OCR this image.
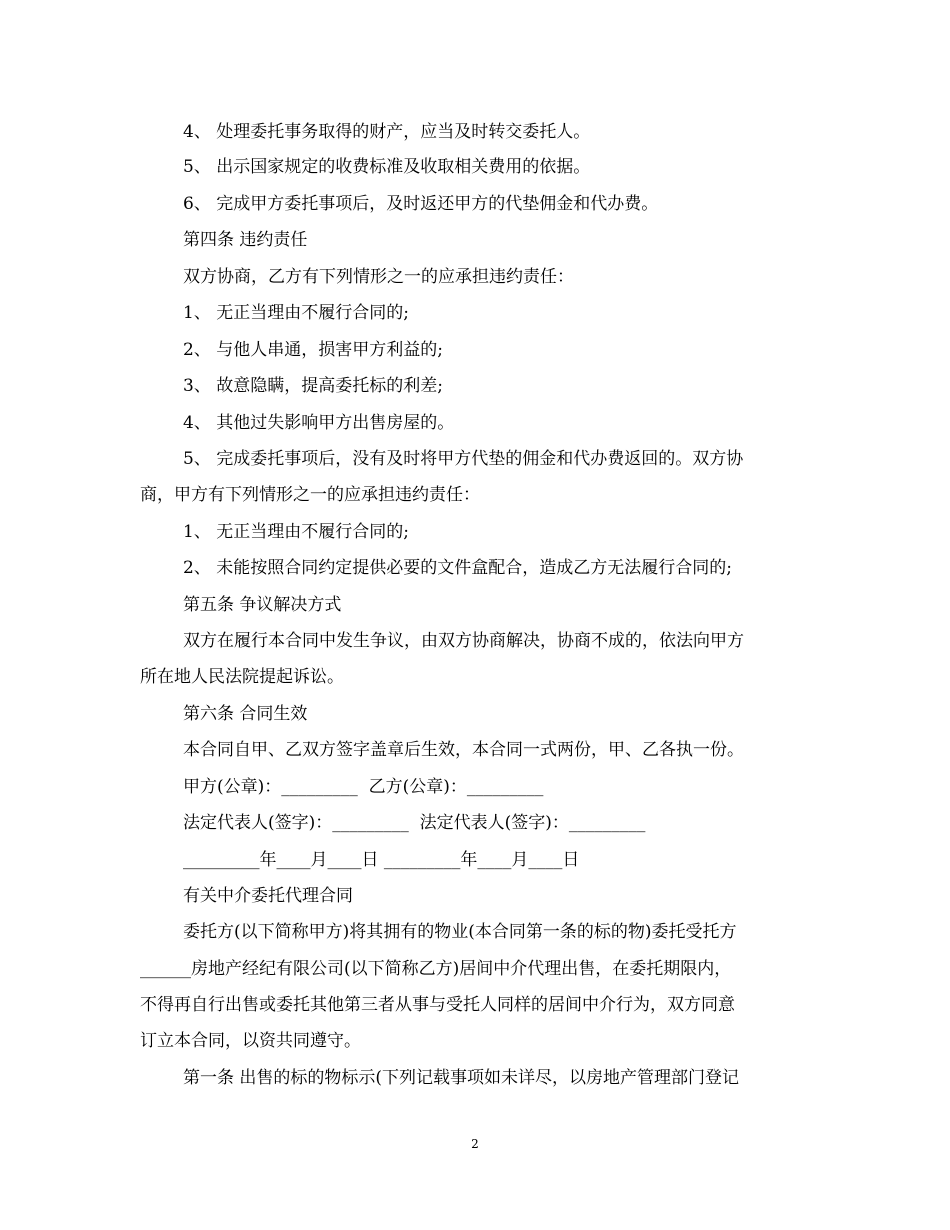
4、 处理委托事务取得的财产，应当及时转交委托人。
5、 出示国家规定的收费标准及收取相关费用的依据。
6、 完成甲方委托事项后，及时返还甲方的代垫佣金和代办费。
第四条 违约责任
双方协商，乙方有下列情形之一的应承担违约责任：
1、 无正当理由不履行合同的;
2、 与他人串通，损害甲方利益的;
3、 故意隐瞒，提高委托标的利差;
4、 其他过失影响甲方出售房屋的。
5、 完成委托事项后，没有及时将甲方代垫的佣金和代办费返回的。双方协
商，甲方有下列情形之一的应承担违约责任：
1、 无正当理由不履行合同的;
2、 未能按照合同约定提供必要的文件盒配合，造成乙方无法履行合同的;
第五条 争议解决方式
双方在履行本合同中发生争议，由双方协商解决，协商不成的，依法向甲方
所在地人民法院提起诉讼。
第六条 合同生效
本合同自甲、乙双方签字盖章后生效，本合同一式两份，甲、乙各执一份。
甲方(公章)：_________  乙方(公章)：_________
法定代表人(签字)：_________  法定代表人(签字)：_________
_________年____月____日 _________年____月____日
有关中介委托代理合同
委托方(以下简称甲方)将其拥有的物业(本合同第一条的标的物)委托受托方
______房地产经纪有限公司(以下简称乙方)居间中介代理出售，在委托期限内，
不得再自行出售或委托其他第三者从事与受托人同样的居间中介行为，双方同意
订立本合同，以资共同遵守。
第一条 出售的标的物标示(下列记载事项如未详尽，以房地产管理部门登记
2
